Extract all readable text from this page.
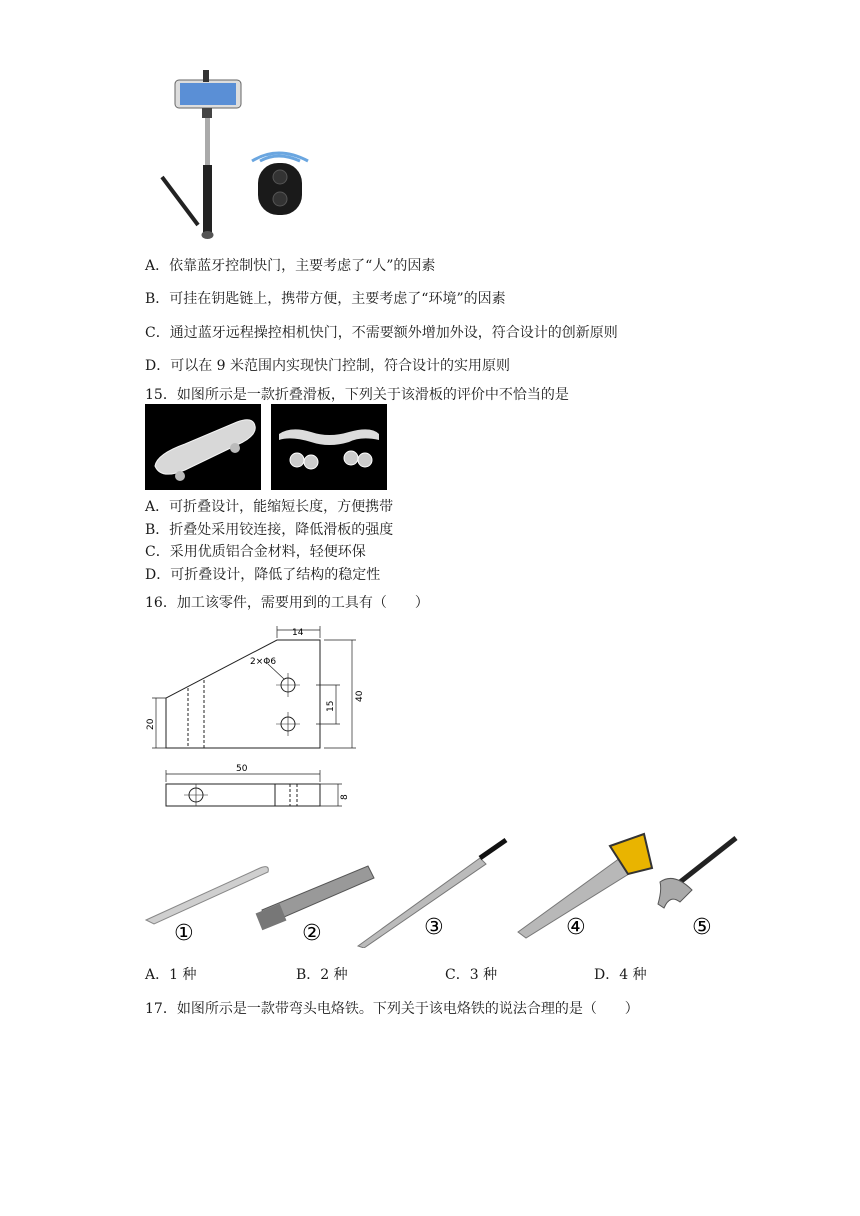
A．依靠蓝牙控制快门，主要考虑了“人”的因素
B．可挂在钥匙链上，携带方便，主要考虑了“环境”的因素
C．通过蓝牙远程操控相机快门，不需要额外增加外设，符合设计的创新原则
D．可以在 9 米范围内实现快门控制，符合设计的实用原则
15．如图所示是一款折叠滑板，下列关于该滑板的评价中不恰当的是
A．可折叠设计，能缩短长度，方便携带
B．折叠处采用铰连接，降低滑板的强度
C．采用优质铝合金材料，轻便环保
D．可折叠设计，降低了结构的稳定性
16．加工该零件，需要用到的工具有（　　）
14
2×Φ6
40
15
20
50
8
①	②	③	④	⑤
A．1 种	B．2 种	C．3 种	D．4 种
17．如图所示是一款带弯头电烙铁。下列关于该电烙铁的说法合理的是（　　）
